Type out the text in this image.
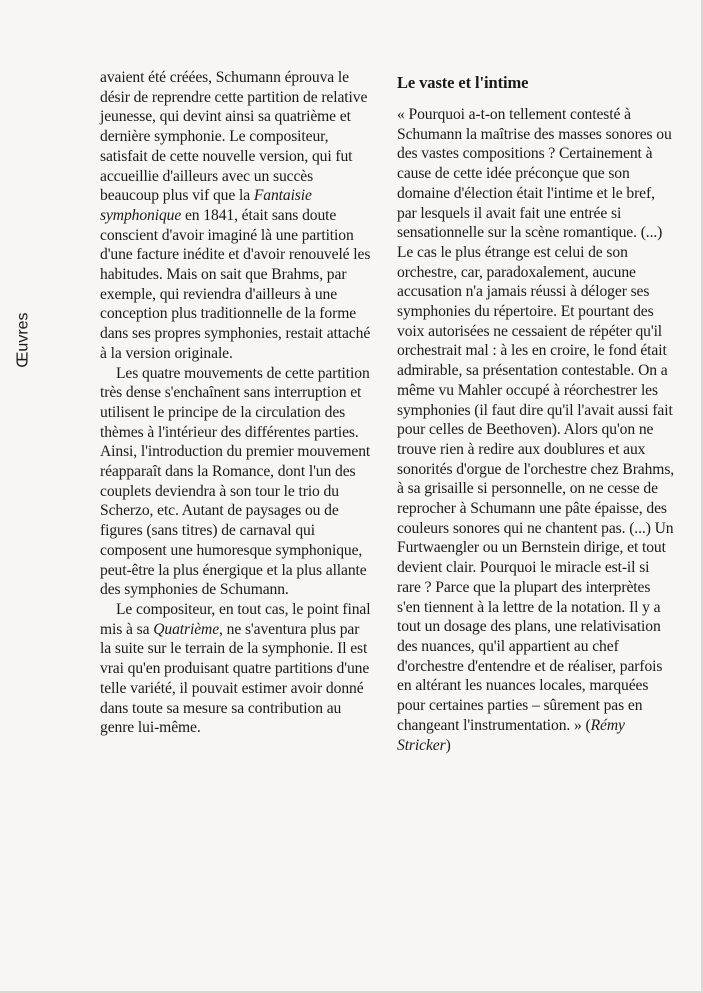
Œuvres

avaient été créées, Schumann éprouva le désir de reprendre cette partition de relative jeunesse, qui devint ainsi sa quatrième et dernière symphonie. Le compositeur, satisfait de cette nouvelle version, qui fut accueillie d'ailleurs avec un succès beaucoup plus vif que la Fantaisie symphonique en 1841, était sans doute conscient d'avoir imaginé là une partition d'une facture inédite et d'avoir renouvelé les habitudes. Mais on sait que Brahms, par exemple, qui reviendra d'ailleurs à une conception plus traditionnelle de la forme dans ses propres symphonies, restait attaché à la version originale.

Les quatre mouvements de cette partition très dense s'enchaînent sans interruption et utilisent le principe de la circulation des thèmes à l'intérieur des différentes parties. Ainsi, l'introduction du premier mouvement réapparaît dans la Romance, dont l'un des couplets deviendra à son tour le trio du Scherzo, etc. Autant de paysages ou de figures (sans titres) de carnaval qui composent une humoresque symphonique, peut-être la plus énergique et la plus allante des symphonies de Schumann.

Le compositeur, en tout cas, le point final mis à sa Quatrième, ne s'aventura plus par la suite sur le terrain de la symphonie. Il est vrai qu'en produisant quatre partitions d'une telle variété, il pouvait estimer avoir donné dans toute sa mesure sa contribution au genre lui-même.

Le vaste et l'intime

« Pourquoi a-t-on tellement contesté à Schumann la maîtrise des masses sonores ou des vastes compositions ? Certainement à cause de cette idée préconçue que son domaine d'élection était l'intime et le bref, par lesquels il avait fait une entrée si sensationnelle sur la scène romantique. (...) Le cas le plus étrange est celui de son orchestre, car, paradoxalement, aucune accusation n'a jamais réussi à déloger ses symphonies du répertoire. Et pourtant des voix autorisées ne cessaient de répéter qu'il orchestrait mal : à les en croire, le fond était admirable, sa présentation contestable. On a même vu Mahler occupé à réorchestrer les symphonies (il faut dire qu'il l'avait aussi fait pour celles de Beethoven). Alors qu'on ne trouve rien à redire aux doublures et aux sonorités d'orgue de l'orchestre chez Brahms, à sa grisaille si personnelle, on ne cesse de reprocher à Schumann une pâte épaisse, des couleurs sonores qui ne chantent pas. (...) Un Furtwaengler ou un Bernstein dirige, et tout devient clair. Pourquoi le miracle est-il si rare ? Parce que la plupart des interprètes s'en tiennent à la lettre de la notation. Il y a tout un dosage des plans, une relativisation des nuances, qu'il appartient au chef d'orchestre d'entendre et de réaliser, parfois en altérant les nuances locales, marquées pour certaines parties – sûrement pas en changeant l'instrumentation. » (Rémy Stricker)
